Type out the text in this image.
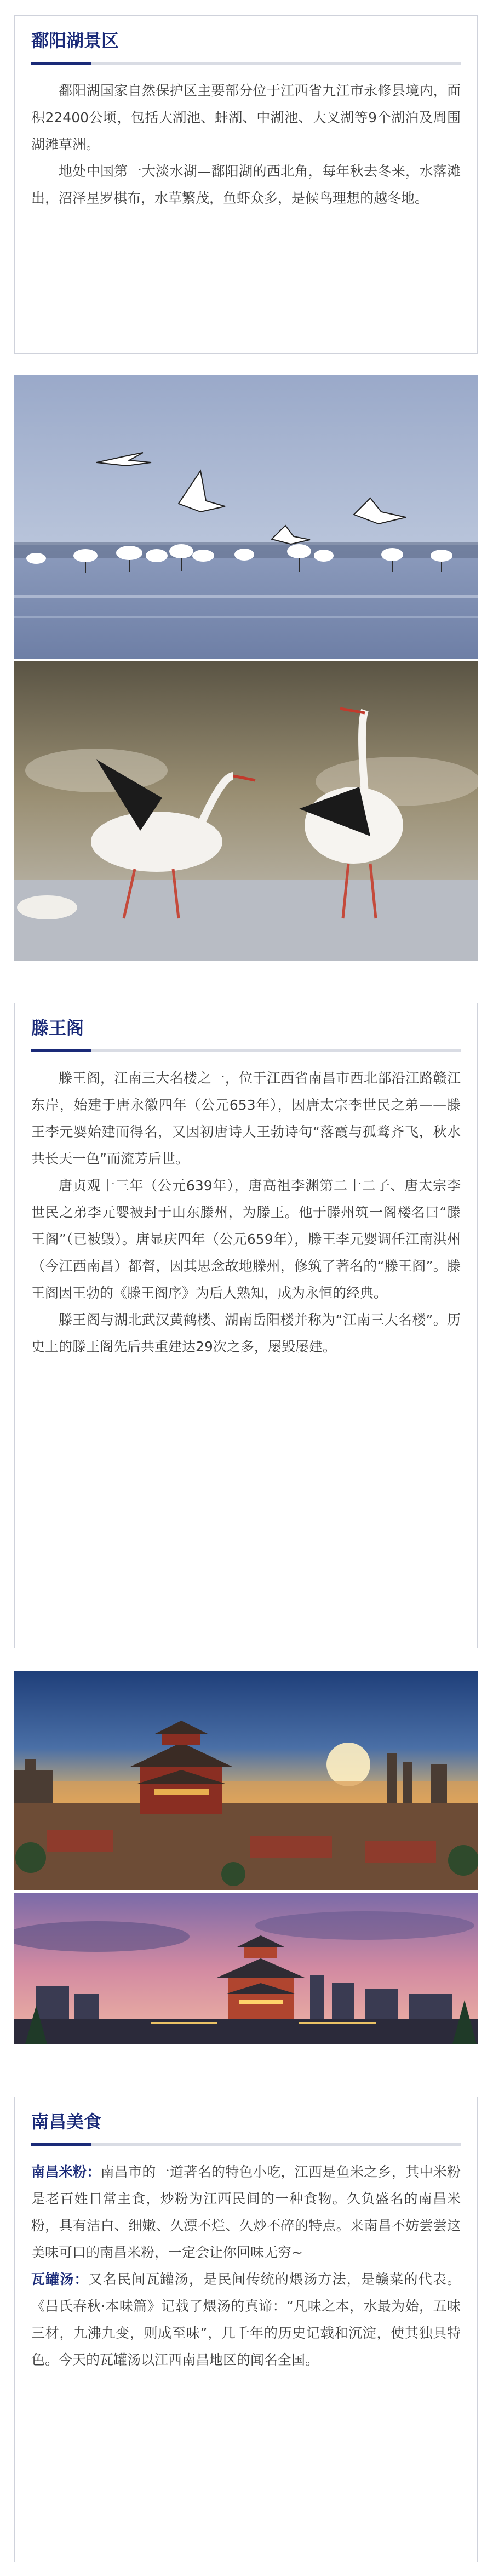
鄱阳湖景区

鄱阳湖国家自然保护区主要部分位于江西省九江市永修县境内，面积22400公顷，包括大湖池、蚌湖、中湖池、大叉湖等9个湖泊及周围湖滩草洲。

地处中国第一大淡水湖—鄱阳湖的西北角，每年秋去冬来，水落滩出，沼泽星罗棋布，水草繁茂，鱼虾众多，是候鸟理想的越冬地。

滕王阁

滕王阁，江南三大名楼之一，位于江西省南昌市西北部沿江路赣江东岸，始建于唐永徽四年（公元653年），因唐太宗李世民之弟——滕王李元婴始建而得名，又因初唐诗人王勃诗句“落霞与孤鹜齐飞，秋水共长天一色”而流芳后世。

唐贞观十三年（公元639年），唐高祖李渊第二十二子、唐太宗李世民之弟李元婴被封于山东滕州，为滕王。他于滕州筑一阁楼名曰“滕王阁”（已被毁）。唐显庆四年（公元659年），滕王李元婴调任江南洪州（今江西南昌）都督，因其思念故地滕州，修筑了著名的“滕王阁”。滕王阁因王勃的《滕王阁序》为后人熟知，成为永恒的经典。

滕王阁与湖北武汉黄鹤楼、湖南岳阳楼并称为“江南三大名楼”。历史上的滕王阁先后共重建达29次之多，屡毁屡建。

南昌美食

南昌米粉：南昌市的一道著名的特色小吃，江西是鱼米之乡，其中米粉是老百姓日常主食，炒粉为江西民间的一种食物。久负盛名的南昌米粉，具有洁白、细嫩、久漂不烂、久炒不碎的特点。来南昌不妨尝尝这美味可口的南昌米粉，一定会让你回味无穷~

瓦罐汤：又名民间瓦罐汤，是民间传统的煨汤方法，是赣菜的代表。《吕氏春秋·本味篇》记载了煨汤的真谛：“凡味之本，水最为始，五味三材，九沸九变，则成至味”，几千年的历史记载和沉淀，使其独具特色。今天的瓦罐汤以江西南昌地区的闻名全国。
